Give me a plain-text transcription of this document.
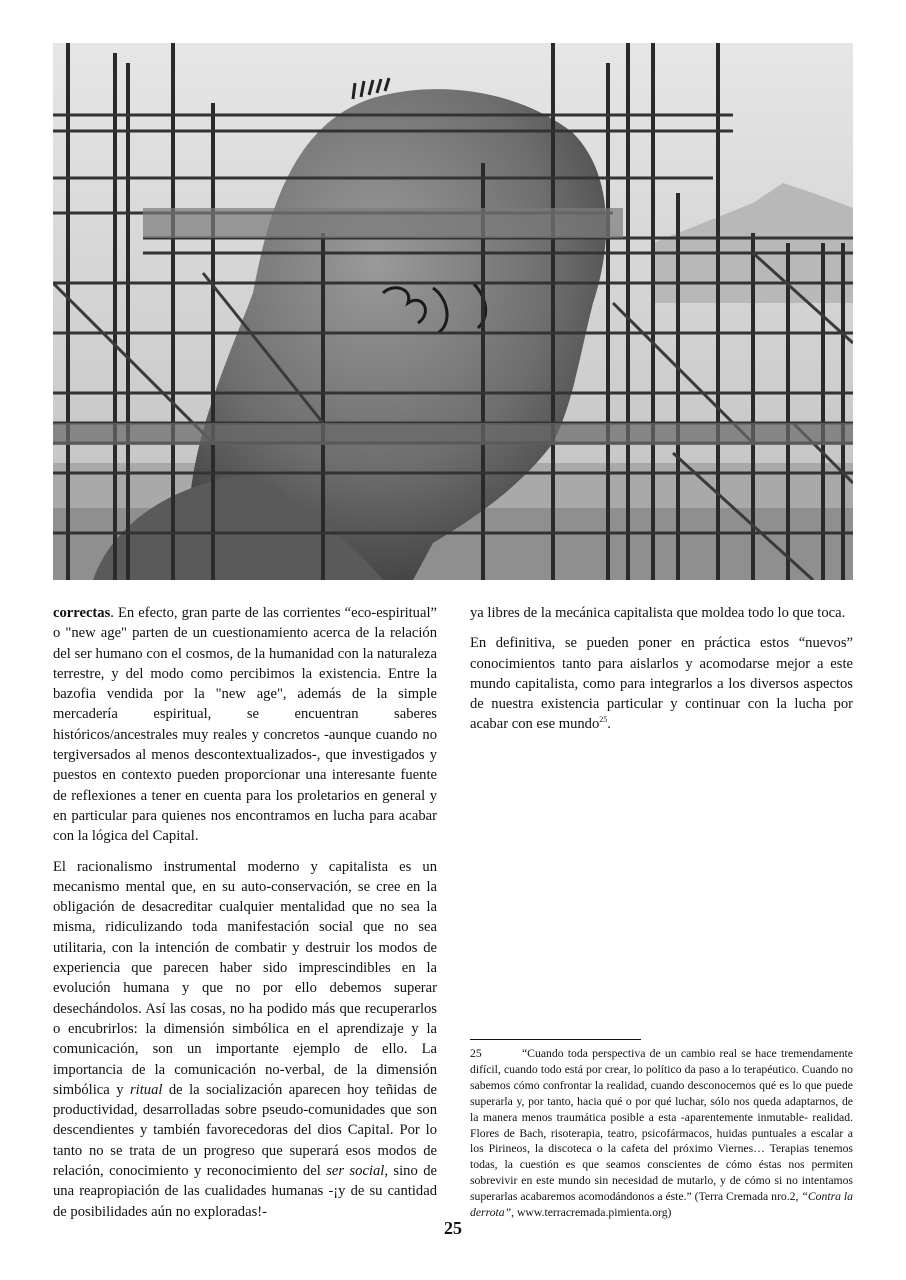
correctas. En efecto, gran parte de las corrientes “eco-espiritual” o "new age" parten de un cuestionamiento acerca de la relación del ser humano con el cosmos, de la humanidad con la naturaleza terrestre, y del modo como percibimos la existencia. Entre la bazofia vendida por la "new age", además de la simple mercadería espiritual, se encuentran saberes históricos/ancestrales muy reales y concretos -aunque cuando no tergiversados al menos descontextualizados-, que investigados y puestos en contexto pueden proporcionar una interesante fuente de reflexiones a tener en cuenta para los proletarios en general y en particular para quienes nos encontramos en lucha para acabar con la lógica del Capital.

El racionalismo instrumental moderno y capitalista es un mecanismo mental que, en su auto-conservación, se cree en la obligación de desacreditar cualquier mentalidad que no sea la misma, ridiculizando toda manifestación social que no sea utilitaria, con la intención de combatir y destruir los modos de experiencia que parecen haber sido imprescindibles en la evolución humana y que no por ello debemos superar desechándolos. Así las cosas, no ha podido más que recuperarlos o encubrirlos: la dimensión simbólica en el aprendizaje y la comunicación, son un importante ejemplo de ello. La importancia de la comunicación no-verbal, de la dimensión simbólica y ritual de la socialización aparecen hoy teñidas de productividad, desarrolladas sobre pseudo-comunidades que son descendientes y también favorecedoras del dios Capital. Por lo tanto no se trata de un progreso que superará esos modos de relación, conocimiento y reconocimiento del ser social, sino de una reapropiación de las cualidades humanas -¡y de su cantidad de posibilidades aún no exploradas!-

ya libres de la mecánica capitalista que moldea todo lo que toca.

En definitiva, se pueden poner en práctica estos “nuevos” conocimientos tanto para aislarlos y acomodarse mejor a este mundo capitalista, como para integrarlos a los diversos aspectos de nuestra existencia particular y continuar con la lucha por acabar con ese mundo$^{25}$.

25	“Cuando toda perspectiva de un cambio real se hace tremendamente difícil, cuando todo está por crear, lo político da paso a lo terapéutico. Cuando no sabemos cómo confrontar la realidad, cuando desconocemos qué es lo que puede superarla y, por tanto, hacia qué o por qué luchar, sólo nos queda adaptarnos, de la manera menos traumática posible a esta -aparentemente inmutable- realidad. Flores de Bach, risoterapia, teatro, psicofármacos, huidas puntuales a escalar a los Pirineos, la discoteca o la cafeta del próximo Viernes… Terapias tenemos todas, la cuestión es que seamos conscientes de cómo éstas nos permiten sobrevivir en este mundo sin necesidad de mutarlo, y de cómo si no intentamos superarlas acabaremos acomodándonos a éste.” (Terra Cremada nro.2, “Contra la derrota”, www.terracremada.pimienta.org)
25
